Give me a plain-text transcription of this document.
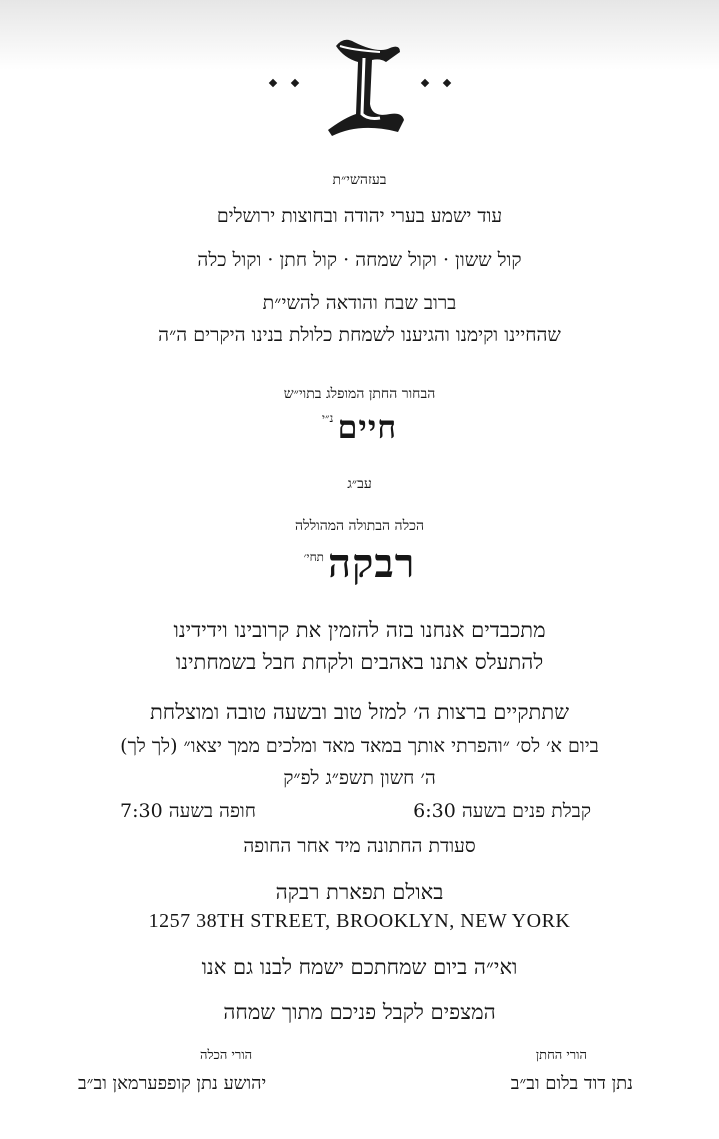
בעזהשי״ת
עוד ישמע בערי יהודה ובחוצות ירושלים
קול ששון · וקול שמחה · קול חתן · וקול כלה
ברוב שבח והודאה להשי״ת
שהחיינו וקימנו והגיענו לשמחת כלולת בנינו היקרים ה״ה
הבחור החתן המופלג בתוי״ש
חיים$^{נ״י}$
עב״ג
הכלה הבתולה המהוללה
רבקה$^{תחי׳}$
מתכבדים אנחנו בזה להזמין את קרובינו וידידינו
להתעלס אתנו באהבים ולקחת חבל בשמחתינו
שתתקיים ברצות ה׳ למזל טוב ובשעה טובה ומוצלחת
ביום א׳ לס׳ ״והפרתי אותך במאד מאד ומלכים ממך יצאו״ (לך לך)
ה׳ חשון תשפ״ג לפ״ק
קבלת פנים בשעה 6:30
חופה בשעה 7:30
סעודת החתונה מיד אחר החופה
באולם תפארת רבקה
1257 38TH STREET, BROOKLYN, NEW YORK
ואי״ה ביום שמחתכם ישמח לבנו גם אנו
המצפים לקבל פניכם מתוך שמחה
הורי החתן
נתן דוד בלום וב״ב
הורי הכלה
יהושע נתן קופפערמאן וב״ב
